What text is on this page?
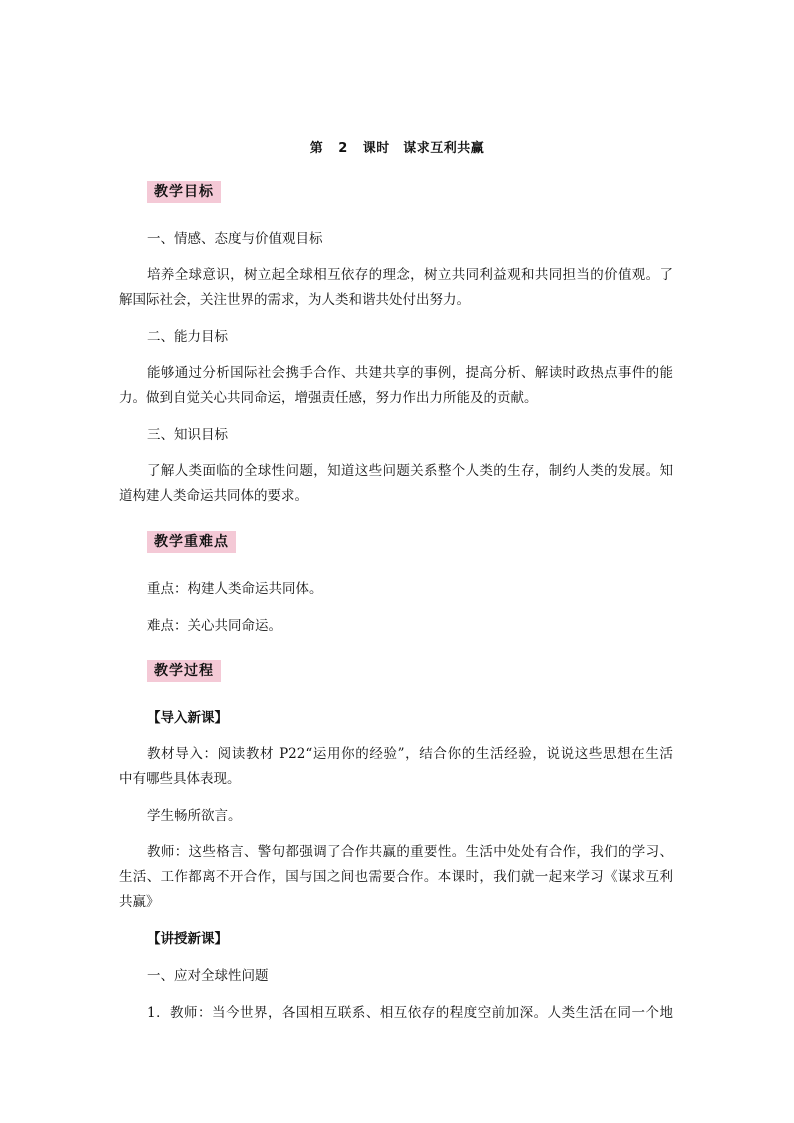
第 2 课时　谋求互利共赢
教学目标
一、情感、态度与价值观目标
培养全球意识，树立起全球相互依存的理念，树立共同利益观和共同担当的价值观。了
解国际社会，关注世界的需求，为人类和谐共处付出努力。
二、能力目标
能够通过分析国际社会携手合作、共建共享的事例，提高分析、解读时政热点事件的能
力。做到自觉关心共同命运，增强责任感，努力作出力所能及的贡献。
三、知识目标
了解人类面临的全球性问题，知道这些问题关系整个人类的生存，制约人类的发展。知
道构建人类命运共同体的要求。
教学重难点
重点：构建人类命运共同体。
难点：关心共同命运。
教学过程
【导入新课】
教材导入：阅读教材 P22“运用你的经验”，结合你的生活经验，说说这些思想在生活
中有哪些具体表现。
学生畅所欲言。
教师：这些格言、警句都强调了合作共赢的重要性。生活中处处有合作，我们的学习、
生活、工作都离不开合作，国与国之间也需要合作。本课时，我们就一起来学习《谋求互利
共赢》
【讲授新课】
一、应对全球性问题
1．教师：当今世界，各国相互联系、相互依存的程度空前加深。人类生活在同一个地
